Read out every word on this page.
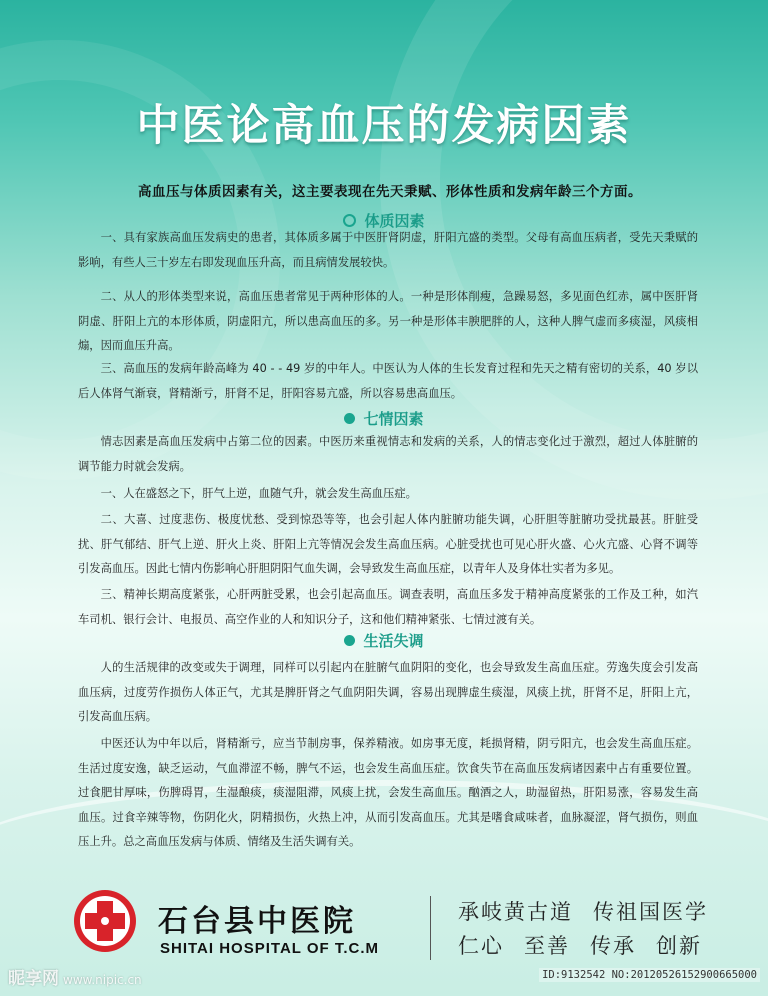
中医论高血压的发病因素
高血压与体质因素有关，这主要表现在先天秉赋、形体性质和发病年龄三个方面。
体质因素

一、具有家族高血压发病史的患者，其体质多属于中医肝肾阴虚，肝阳亢盛的类型。父母有高血压病者，受先天秉赋的影响，有些人三十岁左右即发现血压升高，而且病情发展较快。

二、从人的形体类型来说，高血压患者常见于两种形体的人。一种是形体削瘦，急躁易怒，多见面色红赤，属中医肝肾阴虚、肝阳上亢的本形体质，阴虚阳亢，所以患高血压的多。另一种是形体丰腴肥胖的人，这种人脾气虚而多痰湿，风痰相煽，因而血压升高。

三、高血压的发病年龄高峰为 40 - - 49 岁的中年人。中医认为人体的生长发育过程和先天之精有密切的关系，40 岁以后人体肾气渐衰，肾精渐亏，肝肾不足，肝阳容易亢盛，所以容易患高血压。

七情因素

情志因素是高血压发病中占第二位的因素。中医历来重视情志和发病的关系，人的情志变化过于激烈，超过人体脏腑的调节能力时就会发病。

一、人在盛怒之下，肝气上逆，血随气升，就会发生高血压症。

二、大喜、过度悲伤、极度忧愁、受到惊恐等等，也会引起人体内脏腑功能失调，心肝胆等脏腑功受扰最甚。肝脏受扰、肝气郁结、肝气上逆、肝火上炎、肝阳上亢等情况会发生高血压病。心脏受扰也可见心肝火盛、心火亢盛、心肾不调等引发高血压。因此七情内伤影响心肝胆阴阳气血失调，会导致发生高血压症，以青年人及身体壮实者为多见。

三、精神长期高度紧张，心肝两脏受累，也会引起高血压。调查表明，高血压多发于精神高度紧张的工作及工种，如汽车司机、银行会计、电报员、高空作业的人和知识分子，这和他们精神紧张、七情过渡有关。

生活失调

人的生活规律的改变或失于调理，同样可以引起内在脏腑气血阴阳的变化，也会导致发生高血压症。劳逸失度会引发高血压病，过度劳作损伤人体正气，尤其是脾肝肾之气血阴阳失调，容易出现脾虚生痰湿，风痰上扰，肝肾不足，肝阳上亢，引发高血压病。

中医还认为中年以后，肾精渐亏，应当节制房事，保养精液。如房事无度，耗损肾精，阴亏阳亢，也会发生高血压症。生活过度安逸，缺乏运动，气血滞涩不畅，脾气不运，也会发生高血压症。饮食失节在高血压发病诸因素中占有重要位置。过食肥甘厚味，伤脾碍胃，生湿酿痰，痰湿阻滞，风痰上扰，会发生高血压。酗酒之人，助湿留热，肝阳易涨，容易发生高血压。过食辛辣等物，伤阴化火，阴精损伤，火热上冲，从而引发高血压。尤其是嗜食咸味者，血脉凝涩，肾气损伤，则血压上升。总之高血压发病与体质、情绪及生活失调有关。

石台县中医院
SHITAI HOSPITAL OF T.C.M
承岐黄古道 传祖国医学
仁心 至善 传承 创新
昵享网 www.nipic.cn	ID:9132542 NO:20120526152900665000
